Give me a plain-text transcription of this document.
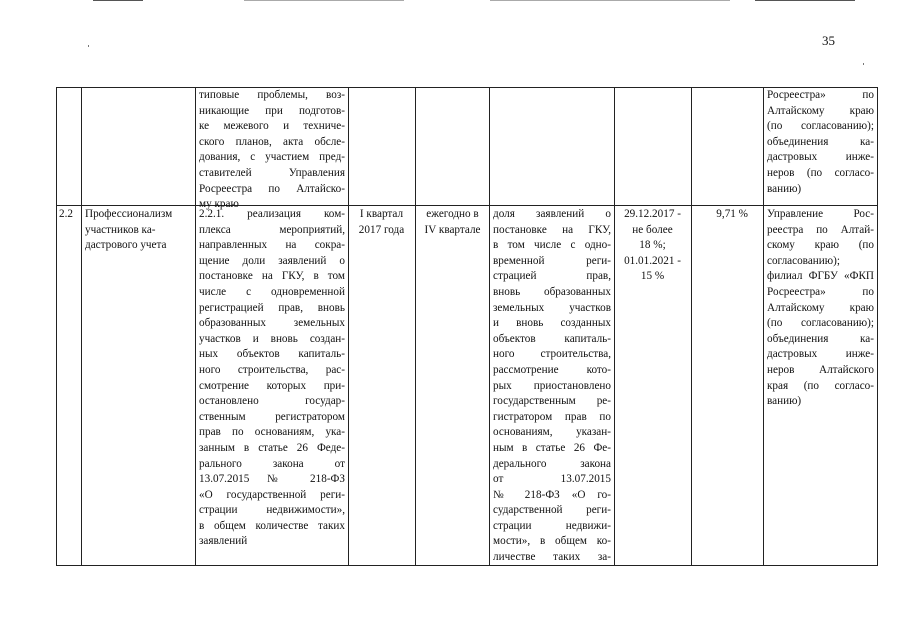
35
типовые проблемы, воз-
никающие при подготов-
ке межевого и техниче-
ского планов, акта обсле-
дования, с участием пред-
ставителей Управления
Росреестра по Алтайско-
му краю
Росреестра» по
Алтайскому краю
(по согласованию);
объединения ка-
дастровых инже-
неров (по согласо-
ванию)
2.2	Профессионализм
участников ка-
дастрового учета
2.2.1. реализация ком-
плекса мероприятий,
направленных на сокра-
щение доли заявлений о
постановке на ГКУ, в том
числе с одновременной
регистрацией прав, вновь
образованных земельных
участков и вновь создан-
ных объектов капиталь-
ного строительства, рас-
смотрение которых при-
остановлено государ-
ственным регистратором
прав по основаниям, ука-
занным в статье 26 Феде-
рального закона от
13.07.2015 № 218-ФЗ
«О государственной реги-
страции недвижимости»,
в общем количестве таких
заявлений
I квартал
2017 года
ежегодно в
IV квартале
доля заявлений о
постановке на ГКУ,
в том числе с одно-
временной реги-
страцией прав,
вновь образованных
земельных участков
и вновь созданных
объектов капиталь-
ного строительства,
рассмотрение кото-
рых приостановлено
государственным ре-
гистратором прав по
основаниям, указан-
ным в статье 26 Фе-
дерального закона
от 13.07.2015
№ 218-ФЗ «О го-
сударственной реги-
страции недвижи-
мости», в общем ко-
личестве таких за-
29.12.2017 -
не более
18 %;
01.01.2021 -
15 %
9,71 % Управление Рос-
реестра по Алтай-
скому краю (по
согласованию);
филиал ФГБУ «ФКП
Росреестра» по
Алтайскому краю
(по согласованию);
объединения ка-
дастровых инже-
неров Алтайского
края (по согласо-
ванию)
